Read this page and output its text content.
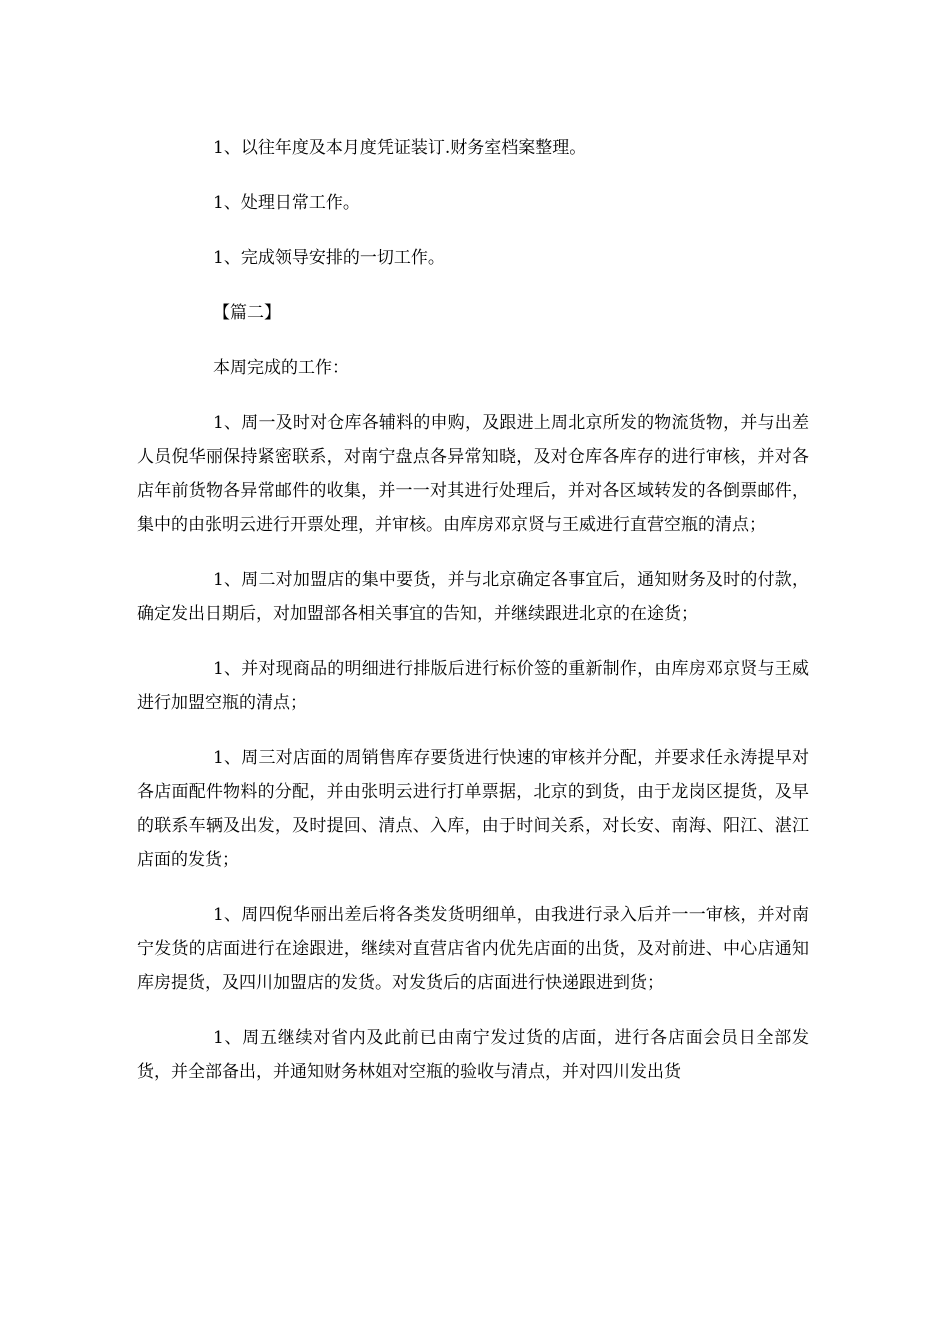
1、以往年度及本月度凭证装订.财务室档案整理。

1、处理日常工作。

1、完成领导安排的一切工作。

【篇二】

本周完成的工作：

1、周一及时对仓库各辅料的申购，及跟进上周北京所发的物流货物，并与出差人员倪华丽保持紧密联系，对南宁盘点各异常知晓，及对仓库各库存的进行审核，并对各店年前货物各异常邮件的收集，并一一对其进行处理后，并对各区域转发的各倒票邮件，集中的由张明云进行开票处理，并审核。由库房邓京贤与王威进行直营空瓶的清点；

1、周二对加盟店的集中要货，并与北京确定各事宜后，通知财务及时的付款，确定发出日期后，对加盟部各相关事宜的告知，并继续跟进北京的在途货；

1、并对现商品的明细进行排版后进行标价签的重新制作，由库房邓京贤与王威进行加盟空瓶的清点；

1、周三对店面的周销售库存要货进行快速的审核并分配，并要求任永涛提早对各店面配件物料的分配，并由张明云进行打单票据，北京的到货，由于龙岗区提货，及早的联系车辆及出发，及时提回、清点、入库，由于时间关系，对长安、南海、阳江、湛江店面的发货；

1、周四倪华丽出差后将各类发货明细单，由我进行录入后并一一审核，并对南宁发货的店面进行在途跟进，继续对直营店省内优先店面的出货，及对前进、中心店通知库房提货，及四川加盟店的发货。对发货后的店面进行快递跟进到货；

1、周五继续对省内及此前已由南宁发过货的店面，进行各店面会员日全部发货，并全部备出，并通知财务林姐对空瓶的验收与清点，并对四川发出货
